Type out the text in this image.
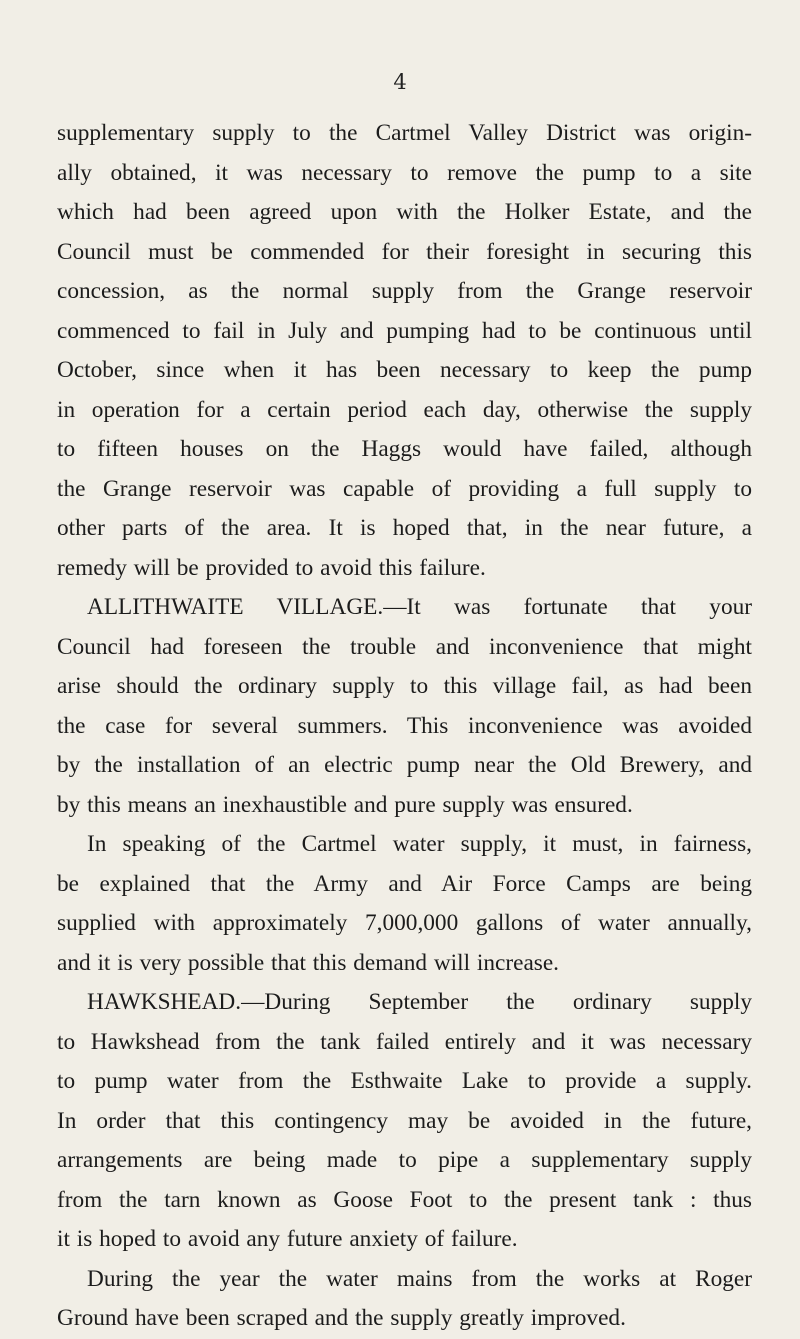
4
supplementary supply to the Cartmel Valley District was origin-
ally obtained, it was necessary to remove the pump to a site
which had been agreed upon with the Holker Estate, and the
Council must be commended for their foresight in securing this
concession, as the normal supply from the Grange reservoir
commenced to fail in July and pumping had to be continuous until
October, since when it has been necessary to keep the pump
in operation for a certain period each day, otherwise the supply
to fifteen houses on the Haggs would have failed, although
the Grange reservoir was capable of providing a full supply to
other parts of the area. It is hoped that, in the near future, a
remedy will be provided to avoid this failure.
ALLITHWAITE VILLAGE.—It was fortunate that your
Council had foreseen the trouble and inconvenience that might
arise should the ordinary supply to this village fail, as had been
the case for several summers. This inconvenience was avoided
by the installation of an electric pump near the Old Brewery, and
by this means an inexhaustible and pure supply was ensured.
In speaking of the Cartmel water supply, it must, in fairness,
be explained that the Army and Air Force Camps are being
supplied with approximately 7,000,000 gallons of water annually,
and it is very possible that this demand will increase.
HAWKSHEAD.—During September the ordinary supply
to Hawkshead from the tank failed entirely and it was necessary
to pump water from the Esthwaite Lake to provide a supply.
In order that this contingency may be avoided in the future,
arrangements are being made to pipe a supplementary supply
from the tarn known as Goose Foot to the present tank : thus
it is hoped to avoid any future anxiety of failure.
During the year the water mains from the works at Roger
Ground have been scraped and the supply greatly improved.
